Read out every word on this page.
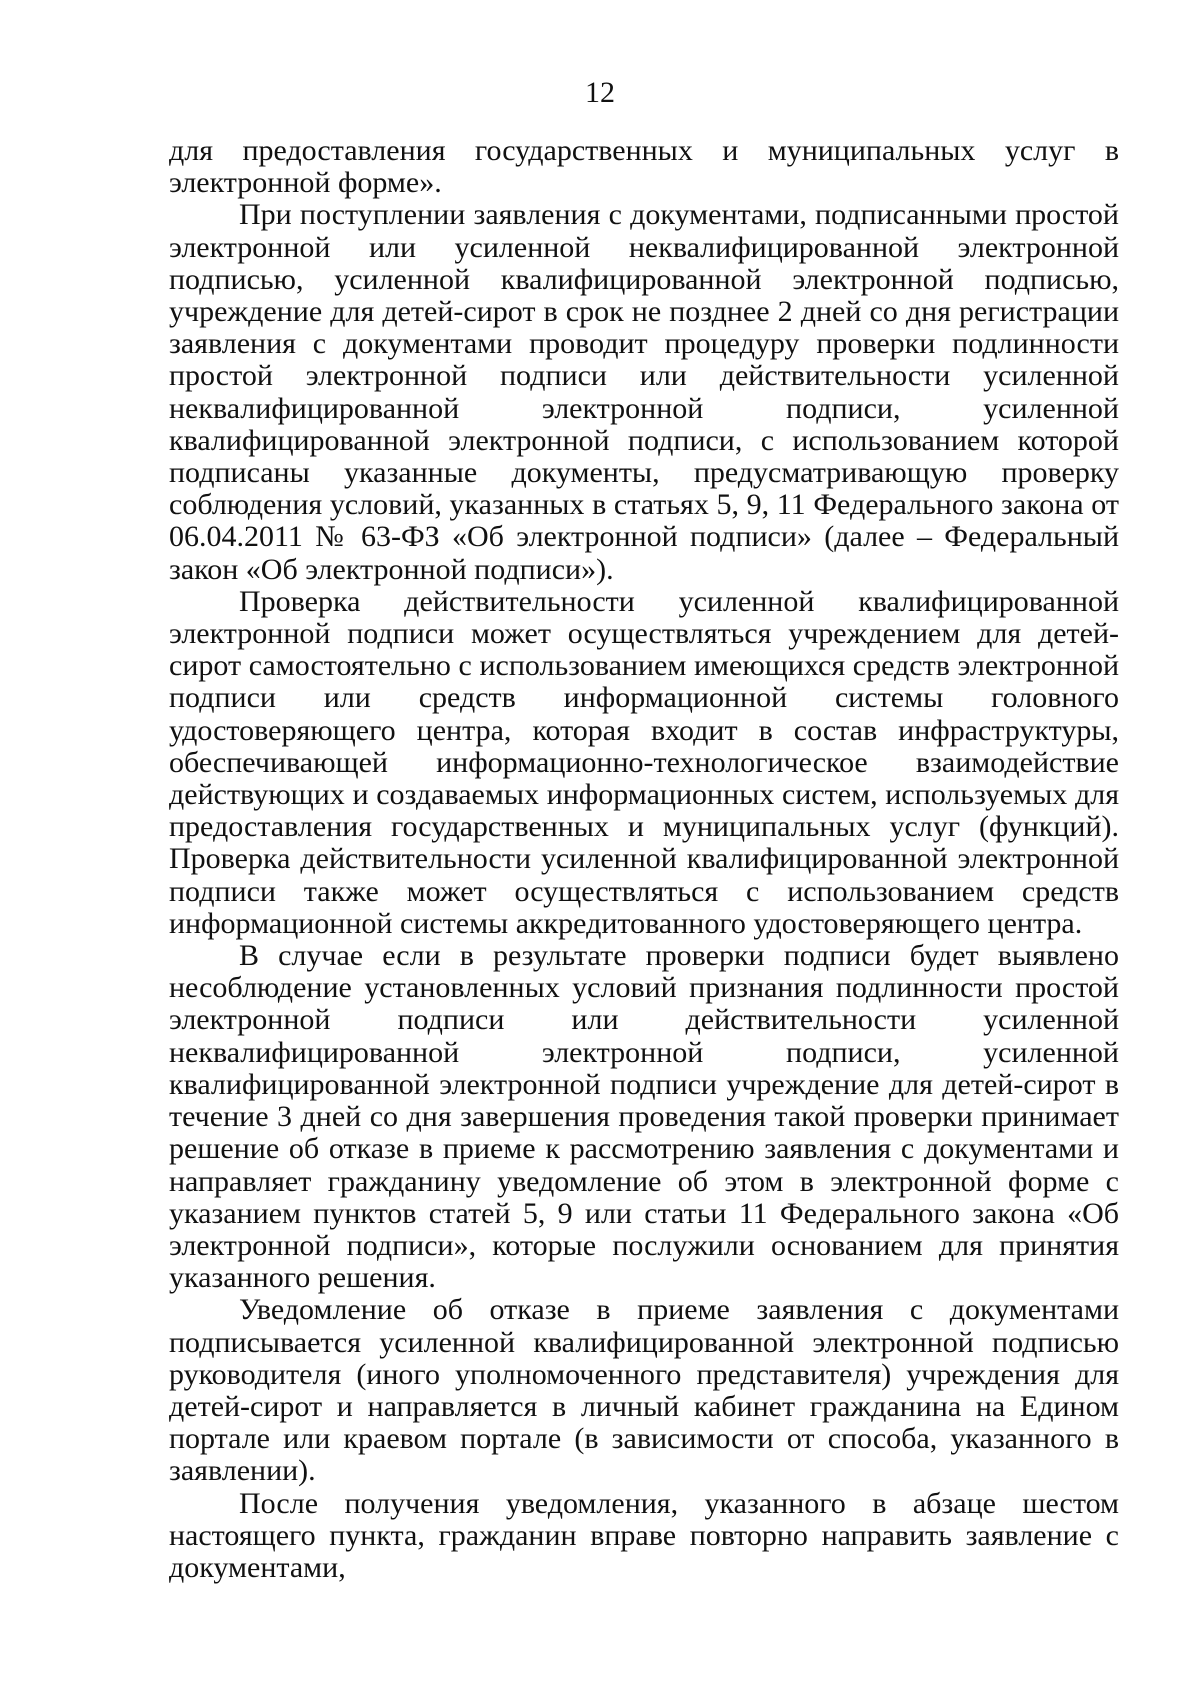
12

для предоставления государственных и муниципальных услуг в электронной форме».

При поступлении заявления с документами, подписанными простой электронной или усиленной неквалифицированной электронной подписью, усиленной квалифицированной электронной подписью, учреждение для детей-сирот в срок не позднее 2 дней со дня регистрации заявления с документами проводит процедуру проверки подлинности простой электронной подписи или действительности усиленной неквалифицированной электронной подписи, усиленной квалифицированной электронной подписи, с использованием которой подписаны указанные документы, предусматривающую проверку соблюдения условий, указанных в статьях 5, 9, 11 Федерального закона от 06.04.2011 № 63-ФЗ «Об электронной подписи» (далее – Федеральный закон «Об электронной подписи»).

Проверка действительности усиленной квалифицированной электронной подписи может осуществляться учреждением для детей-сирот самостоятельно с использованием имеющихся средств электронной подписи или средств информационной системы головного удостоверяющего центра, которая входит в состав инфраструктуры, обеспечивающей информационно-технологическое взаимодействие действующих и создаваемых информационных систем, используемых для предоставления государственных и муниципальных услуг (функций). Проверка действительности усиленной квалифицированной электронной подписи также может осуществляться с использованием средств информационной системы аккредитованного удостоверяющего центра.

В случае если в результате проверки подписи будет выявлено несоблюдение установленных условий признания подлинности простой электронной подписи или действительности усиленной неквалифицированной электронной подписи, усиленной квалифицированной электронной подписи учреждение для детей-сирот в течение 3 дней со дня завершения проведения такой проверки принимает решение об отказе в приеме к рассмотрению заявления с документами и направляет гражданину уведомление об этом в электронной форме с указанием пунктов статей 5, 9 или статьи 11 Федерального закона «Об электронной подписи», которые послужили основанием для принятия указанного решения.

Уведомление об отказе в приеме заявления с документами подписывается усиленной квалифицированной электронной подписью руководителя (иного уполномоченного представителя) учреждения для детей-сирот и направляется в личный кабинет гражданина на Едином портале или краевом портале (в зависимости от способа, указанного в заявлении).

После получения уведомления, указанного в абзаце шестом настоящего пункта, гражданин вправе повторно направить заявление с документами,
